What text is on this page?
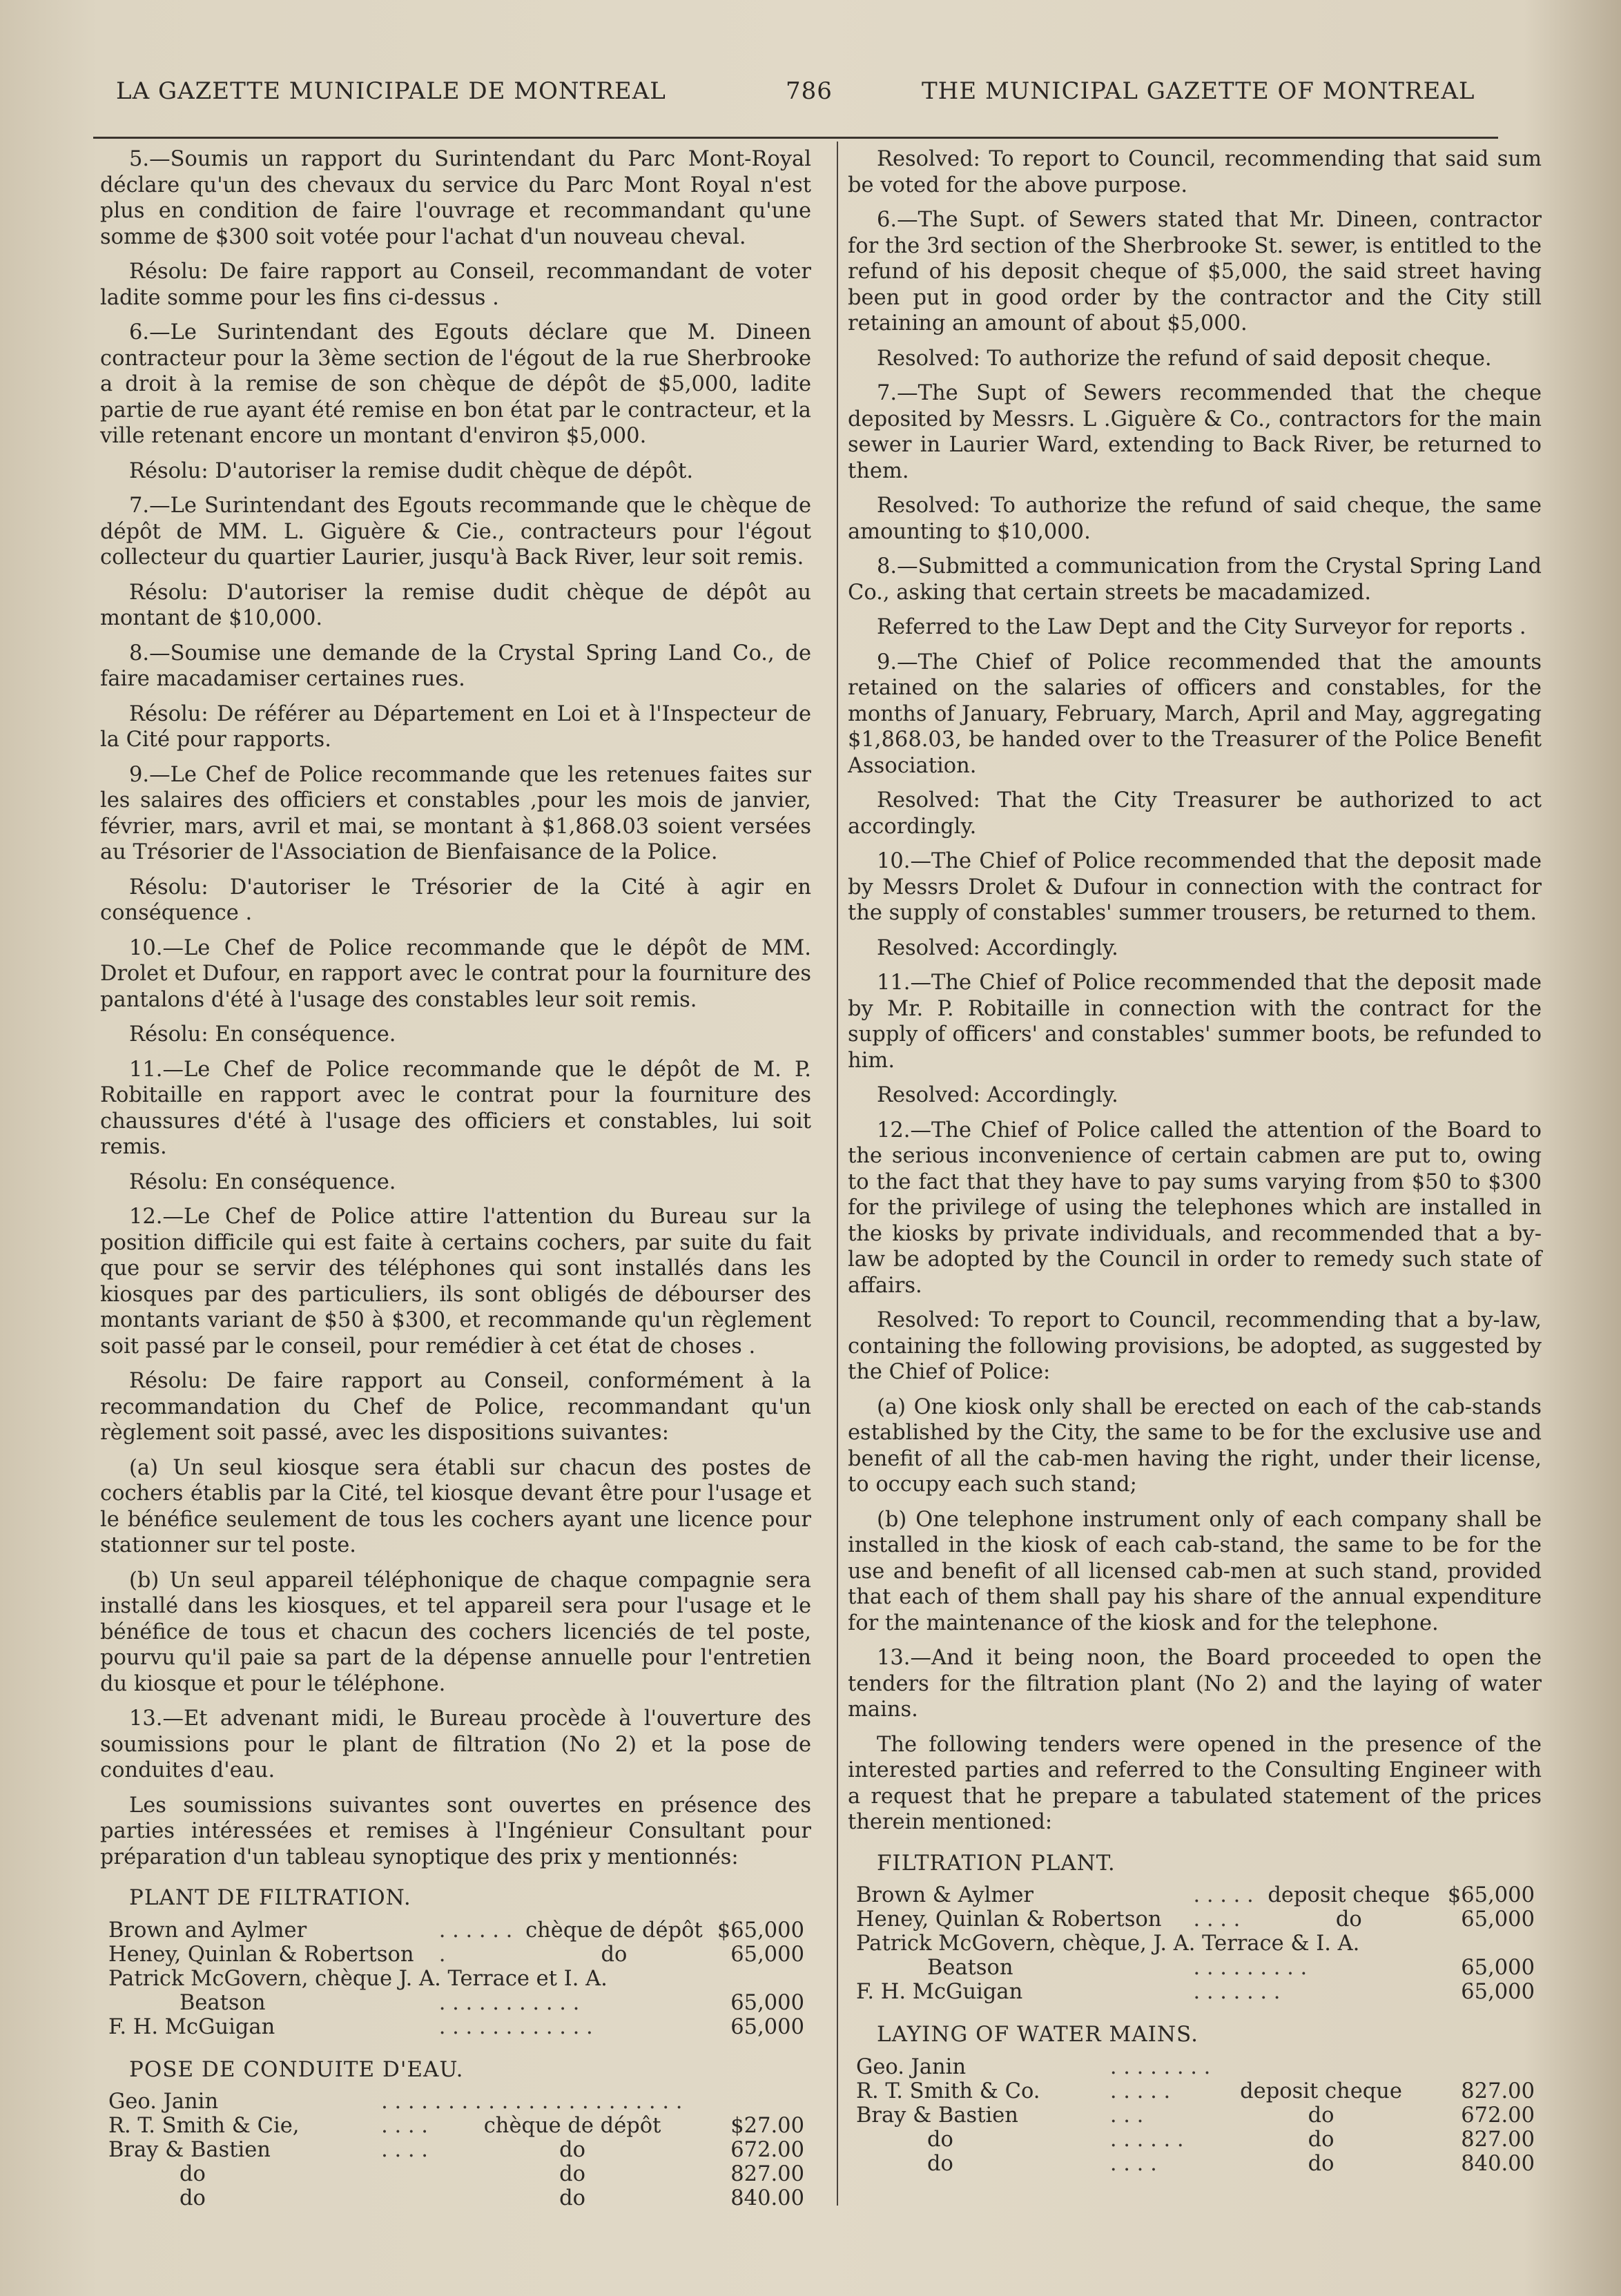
LA GAZETTE MUNICIPALE DE MONTREAL	786	THE MUNICIPAL GAZETTE OF MONTREAL

5.—Soumis un rapport du Surintendant du Parc Mont-Royal déclare qu'un des chevaux du service du Parc Mont Royal n'est plus en condition de faire l'ouvrage et recommandant qu'une somme de $300 soit votée pour l'achat d'un nouveau cheval.

Résolu: De faire rapport au Conseil, recommandant de voter ladite somme pour les fins ci-dessus .

6.—Le Surintendant des Egouts déclare que M. Dineen contracteur pour la 3ème section de l'égout de la rue Sherbrooke a droit à la remise de son chèque de dépôt de $5,000, ladite partie de rue ayant été remise en bon état par le contracteur, et la ville retenant encore un montant d'environ $5,000.

Résolu: D'autoriser la remise dudit chèque de dépôt.

7.—Le Surintendant des Egouts recommande que le chèque de dépôt de MM. L. Giguère & Cie., contracteurs pour l'égout collecteur du quartier Laurier, jusqu'à Back River, leur soit remis.

Résolu: D'autoriser la remise dudit chèque de dépôt au montant de $10,000.

8.—Soumise une demande de la Crystal Spring Land Co., de faire macadamiser certaines rues.

Résolu: De référer au Département en Loi et à l'Inspecteur de la Cité pour rapports.

9.—Le Chef de Police recommande que les retenues faites sur les salaires des officiers et constables ,pour les mois de janvier, février, mars, avril et mai, se montant à $1,868.03 soient versées au Trésorier de l'Association de Bienfaisance de la Police.

Résolu: D'autoriser le Trésorier de la Cité à agir en conséquence .

10.—Le Chef de Police recommande que le dépôt de MM. Drolet et Dufour, en rapport avec le contrat pour la fourniture des pantalons d'été à l'usage des constables leur soit remis.

Résolu: En conséquence.

11.—Le Chef de Police recommande que le dépôt de M. P. Robitaille en rapport avec le contrat pour la fourniture des chaussures d'été à l'usage des officiers et constables, lui soit remis.

Résolu: En conséquence.

12.—Le Chef de Police attire l'attention du Bureau sur la position difficile qui est faite à certains cochers, par suite du fait que pour se servir des téléphones qui sont installés dans les kiosques par des particuliers, ils sont obligés de débourser des montants variant de $50 à $300, et recommande qu'un règlement soit passé par le conseil, pour remédier à cet état de choses .

Résolu: De faire rapport au Conseil, conformément à la recommandation du Chef de Police, recommandant qu'un règlement soit passé, avec les dispositions suivantes:

(a) Un seul kiosque sera établi sur chacun des postes de cochers établis par la Cité, tel kiosque devant être pour l'usage et le bénéfice seulement de tous les cochers ayant une licence pour stationner sur tel poste.

(b) Un seul appareil téléphonique de chaque compagnie sera installé dans les kiosques, et tel appareil sera pour l'usage et le bénéfice de tous et chacun des cochers licenciés de tel poste, pourvu qu'il paie sa part de la dépense annuelle pour l'entretien du kiosque et pour le téléphone.

13.—Et advenant midi, le Bureau procède à l'ouverture des soumissions pour le plant de filtration (No 2) et la pose de conduites d'eau.

Les soumissions suivantes sont ouvertes en présence des parties intéressées et remises à l'Ingénieur Consultant pour préparation d'un tableau synoptique des prix y mentionnés:

PLANT DE FILTRATION.
Brown and Aylmer	. . . . . .	chèque de dépôt	$65,000
Heney, Quinlan & Robertson	.	do	65,000
Patrick McGovern, chèque J. A. Terrace et I. A.			
Beatson	. . . . . . . . . . .		65,000
F. H. McGuigan	. . . . . . . . . . . .		65,000
POSE DE CONDUITE D'EAU.
Geo. Janin	. . . . . . . . . . . . . . . . . . . . . . .		
R. T. Smith & Cie,	. . . .	chèque de dépôt	$27.00
Bray & Bastien	. . . .	do	672.00
do		do	827.00
do		do	840.00

Resolved: To report to Council, recommending that said sum be voted for the above purpose.

6.—The Supt. of Sewers stated that Mr. Dineen, contractor for the 3rd section of the Sherbrooke St. sewer, is entitled to the refund of his deposit cheque of $5,000, the said street having been put in good order by the contractor and the City still retaining an amount of about $5,000.

Resolved: To authorize the refund of said deposit cheque.

7.—The Supt of Sewers recommended that the cheque deposited by Messrs. L .Giguère & Co., contractors for the main sewer in Laurier Ward, extending to Back River, be returned to them.

Resolved: To authorize the refund of said cheque, the same amounting to $10,000.

8.—Submitted a communication from the Crystal Spring Land Co., asking that certain streets be macadamized.

Referred to the Law Dept and the City Surveyor for reports .

9.—The Chief of Police recommended that the amounts retained on the salaries of officers and constables, for the months of January, February, March, April and May, aggregating $1,868.03, be handed over to the Treasurer of the Police Benefit Association.

Resolved: That the City Treasurer be authorized to act accordingly.

10.—The Chief of Police recommended that the deposit made by Messrs Drolet & Dufour in connection with the contract for the supply of constables' summer trousers, be returned to them.

Resolved: Accordingly.

11.—The Chief of Police recommended that the deposit made by Mr. P. Robitaille in connection with the contract for the supply of officers' and constables' summer boots, be refunded to him.

Resolved: Accordingly.

12.—The Chief of Police called the attention of the Board to the serious inconvenience of certain cabmen are put to, owing to the fact that they have to pay sums varying from $50 to $300 for the privilege of using the telephones which are installed in the kiosks by private individuals, and recommended that a by-law be adopted by the Council in order to remedy such state of affairs.

Resolved: To report to Council, recommending that a by-law, containing the following provisions, be adopted, as suggested by the Chief of Police:

(a) One kiosk only shall be erected on each of the cab-stands established by the City, the same to be for the exclusive use and benefit of all the cab-men having the right, under their license, to occupy each such stand;

(b) One telephone instrument only of each company shall be installed in the kiosk of each cab-stand, the same to be for the use and benefit of all licensed cab-men at such stand, provided that each of them shall pay his share of the annual expenditure for the maintenance of the kiosk and for the telephone.

13.—And it being noon, the Board proceeded to open the tenders for the filtration plant (No 2) and the laying of water mains.

The following tenders were opened in the presence of the interested parties and referred to the Consulting Engineer with a request that he prepare a tabulated statement of the prices therein mentioned:

FILTRATION PLANT.
Brown & Aylmer	. . . . .	deposit cheque	$65,000
Heney, Quinlan & Robertson	. . . .	do	65,000
Patrick McGovern, chèque, J. A. Terrace & I. A.			
Beatson	. . . . . . . . .		65,000
F. H. McGuigan	. . . . . . .		65,000
LAYING OF WATER MAINS.
Geo. Janin	. . . . . . . .		
R. T. Smith & Co.	. . . . .	deposit cheque	827.00
Bray & Bastien	. . .	do	672.00
do	. . . . . .	do	827.00
do	. . . .	do	840.00
